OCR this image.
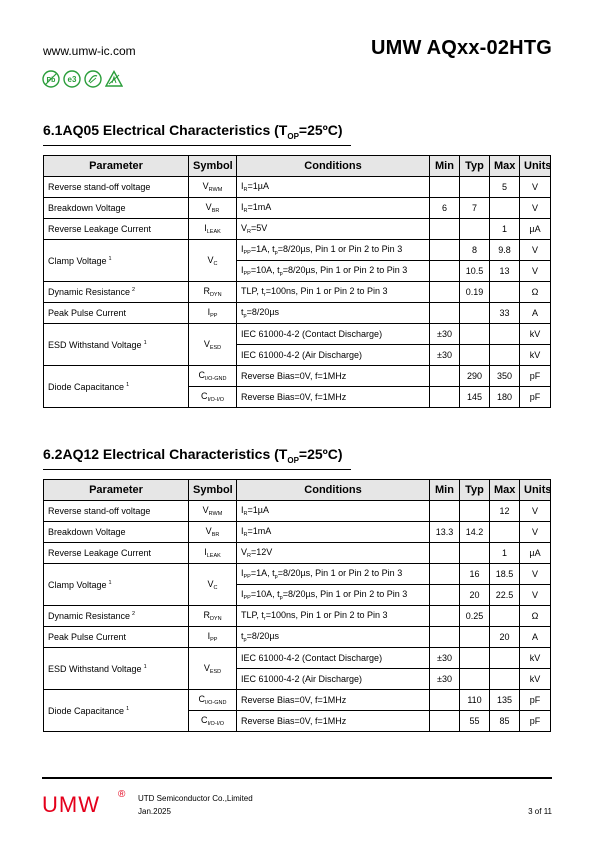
www.umw-ic.com	UMW AQxx-02HTG
Pb e3
6.1AQ05 Electrical Characteristics $(T_{OP}=25ºC)$
Parameter	Symbol	Conditions	Min	Typ	Max	Units
Reverse stand-off voltage	$V_{RWM}$	$I_R=1\mu A$			5	V
Breakdown Voltage	$V_{BR}$	$I_R=1mA$	6	7		V
Reverse Leakage Current	$I_{LEAK}$	$V_R=5V$			1	µA
Clamp Voltage $^1$	$V_C$	$I_{PP}=1A$, $t_p=8/20\mu s$, Pin 1 or Pin 2 to Pin 3		8	9.8	V
		$I_{PP}=10A$, $t_p=8/20\mu s$, Pin 1 or Pin 2 to Pin 3		10.5	13	V
Dynamic Resistance $^2$	$R_{DYN}$	TLP, $t_r=100ns$, Pin 1 or Pin 2 to Pin 3		0.19		Ω
Peak Pulse Current	$I_{PP}$	$t_p=8/20\mu s$			33	A
ESD Withstand Voltage $^1$	$V_{ESD}$	IEC 61000-4-2 (Contact Discharge)	±30			kV
		IEC 61000-4-2 (Air Discharge)	±30			kV
Diode Capacitance $^1$	$C_{I/O-GND}$	Reverse Bias=0V, f=1MHz		290	350	pF
	$C_{I/O-I/O}$	Reverse Bias=0V, f=1MHz		145	180	pF
6.2AQ12 Electrical Characteristics $(T_{OP}=25ºC)$
Parameter	Symbol	Conditions	Min	Typ	Max	Units
Reverse stand-off voltage	$V_{RWM}$	$I_R=1\mu A$			12	V
Breakdown Voltage	$V_{BR}$	$I_R=1mA$	13.3	14.2		V
Reverse Leakage Current	$I_{LEAK}$	$V_R=12V$			1	µA
Clamp Voltage $^1$	$V_C$	$I_{PP}=1A$, $t_p=8/20\mu s$, Pin 1 or Pin 2 to Pin 3		16	18.5	V
		$I_{PP}=10A$, $t_p=8/20\mu s$, Pin 1 or Pin 2 to Pin 3		20	22.5	V
Dynamic Resistance $^2$	$R_{DYN}$	TLP, $t_r=100ns$, Pin 1 or Pin 2 to Pin 3		0.25		Ω
Peak Pulse Current	$I_{PP}$	$t_p=8/20\mu s$			20	A
ESD Withstand Voltage $^1$	$V_{ESD}$	IEC 61000-4-2 (Contact Discharge)	±30			kV
		IEC 61000-4-2 (Air Discharge)	±30			kV
Diode Capacitance $^1$	$C_{I/O-GND}$	Reverse Bias=0V, f=1MHz		110	135	pF
	$C_{I/O-I/O}$	Reverse Bias=0V, f=1MHz		55	85	pF
UMW ® UTD Semiconductor Co.,Limited
Jan.2025	3 of 11
